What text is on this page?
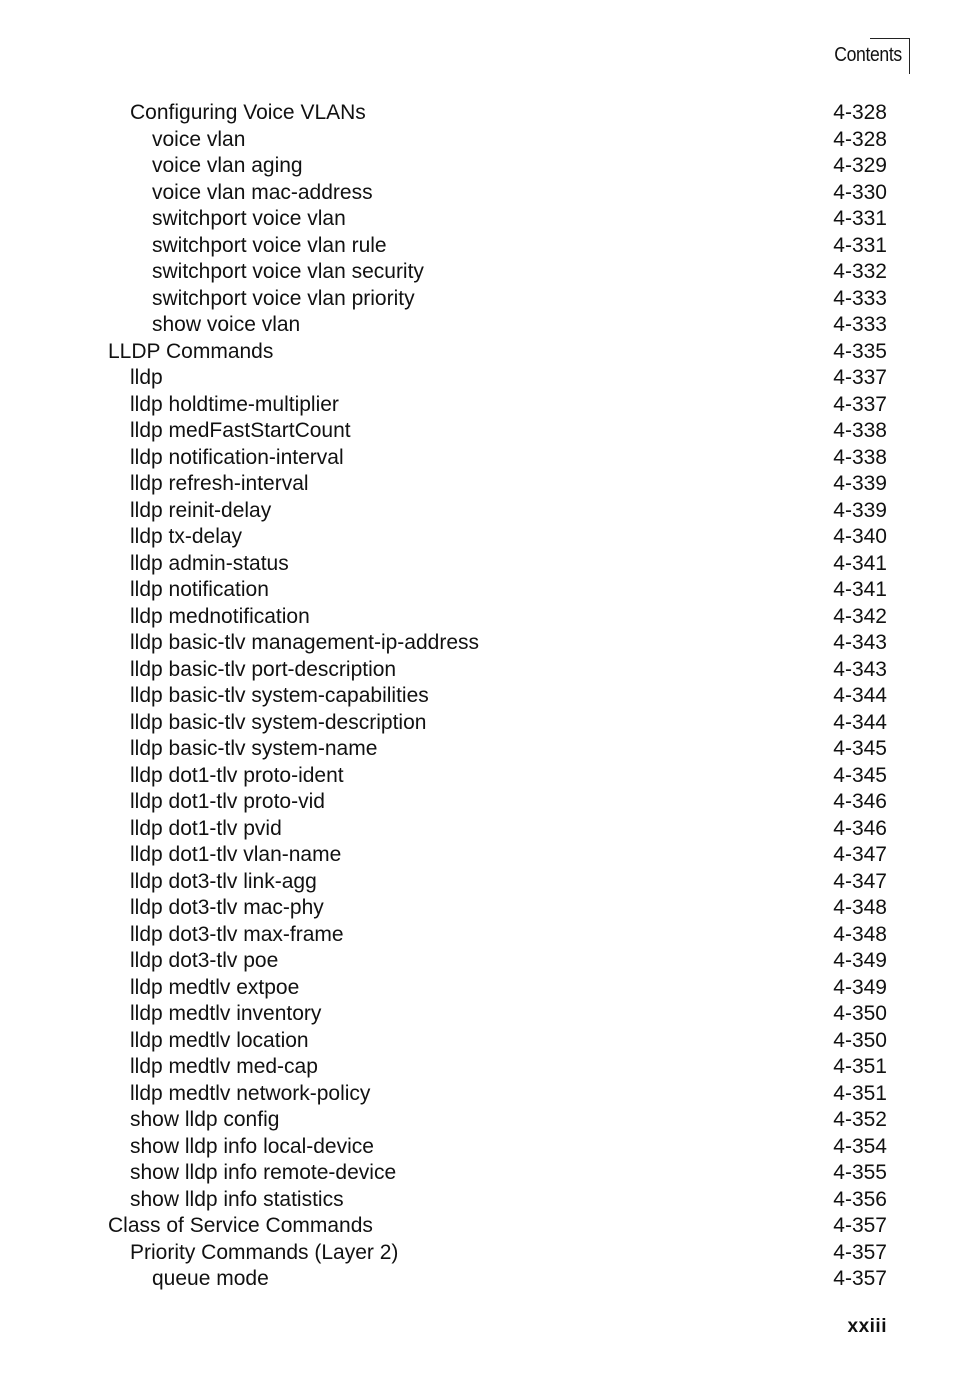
Contents
Configuring Voice VLANs	4-328
voice vlan	4-328
voice vlan aging	4-329
voice vlan mac-address	4-330
switchport voice vlan	4-331
switchport voice vlan rule	4-331
switchport voice vlan security	4-332
switchport voice vlan priority	4-333
show voice vlan	4-333
LLDP Commands	4-335
lldp	4-337
lldp holdtime-multiplier	4-337
lldp medFastStartCount	4-338
lldp notification-interval	4-338
lldp refresh-interval	4-339
lldp reinit-delay	4-339
lldp tx-delay	4-340
lldp admin-status	4-341
lldp notification	4-341
lldp mednotification	4-342
lldp basic-tlv management-ip-address	4-343
lldp basic-tlv port-description	4-343
lldp basic-tlv system-capabilities	4-344
lldp basic-tlv system-description	4-344
lldp basic-tlv system-name	4-345
lldp dot1-tlv proto-ident	4-345
lldp dot1-tlv proto-vid	4-346
lldp dot1-tlv pvid	4-346
lldp dot1-tlv vlan-name	4-347
lldp dot3-tlv link-agg	4-347
lldp dot3-tlv mac-phy	4-348
lldp dot3-tlv max-frame	4-348
lldp dot3-tlv poe	4-349
lldp medtlv extpoe	4-349
lldp medtlv inventory	4-350
lldp medtlv location	4-350
lldp medtlv med-cap	4-351
lldp medtlv network-policy	4-351
show lldp config	4-352
show lldp info local-device	4-354
show lldp info remote-device	4-355
show lldp info statistics	4-356
Class of Service Commands	4-357
Priority Commands (Layer 2)	4-357
queue mode	4-357
xxiii
